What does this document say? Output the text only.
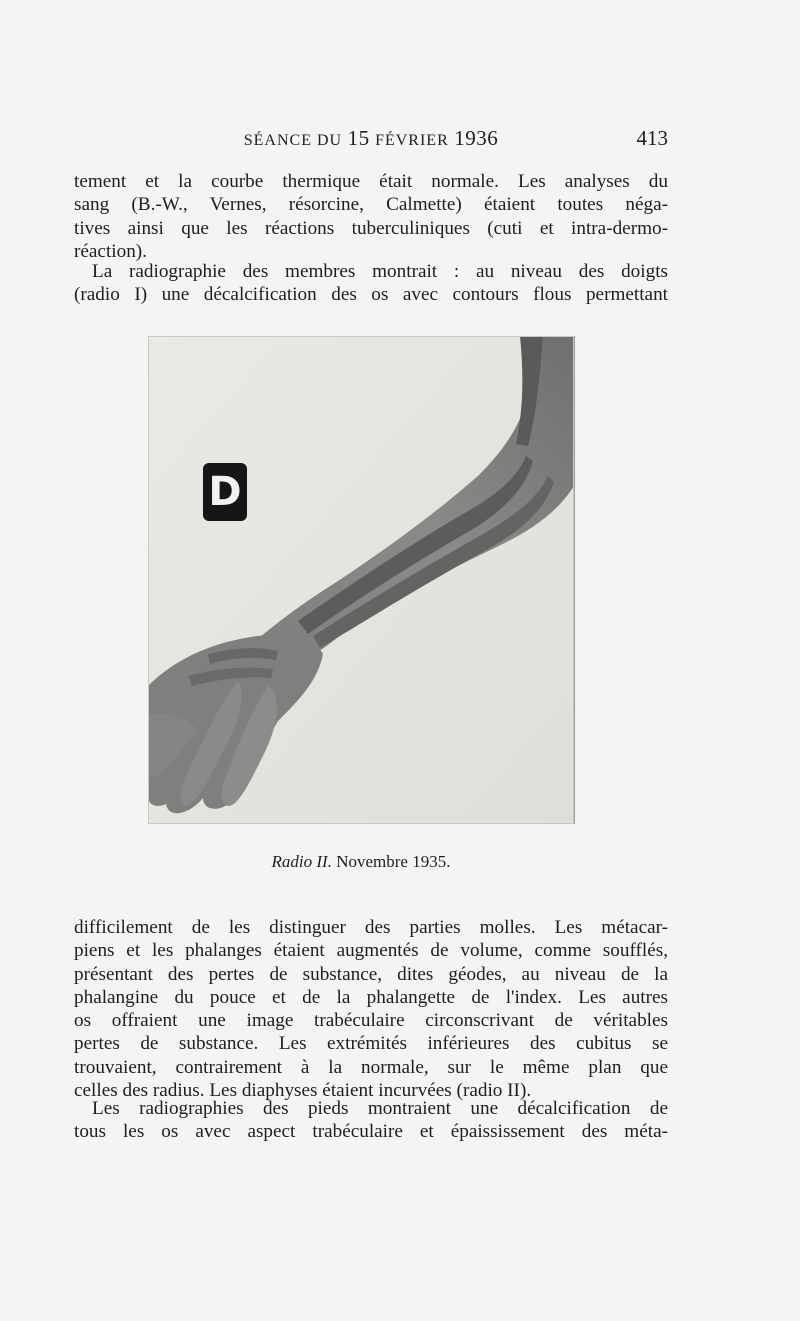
SÉANCE DU 15 FÉVRIER 1936	413

tement et la courbe thermique était normale. Les analyses du
sang (B.-W., Vernes, résorcine, Calmette) étaient toutes néga-
tives ainsi que les réactions tuberculiniques (cuti et intra-dermo-
réaction).

La radiographie des membres montrait : au niveau des doigts
(radio I) une décalcification des os avec contours flous permettant

D
Radio II. Novembre 1935.

difficilement de les distinguer des parties molles. Les métacar-
piens et les phalanges étaient augmentés de volume, comme soufflés,
présentant des pertes de substance, dites géodes, au niveau de la
phalangine du pouce et de la phalangette de l'index. Les autres
os offraient une image trabéculaire circonscrivant de véritables
pertes de substance. Les extrémités inférieures des cubitus se
trouvaient, contrairement à la normale, sur le même plan que
celles des radius. Les diaphyses étaient incurvées (radio II).

Les radiographies des pieds montraient une décalcification de
tous les os avec aspect trabéculaire et épaississement des méta-
